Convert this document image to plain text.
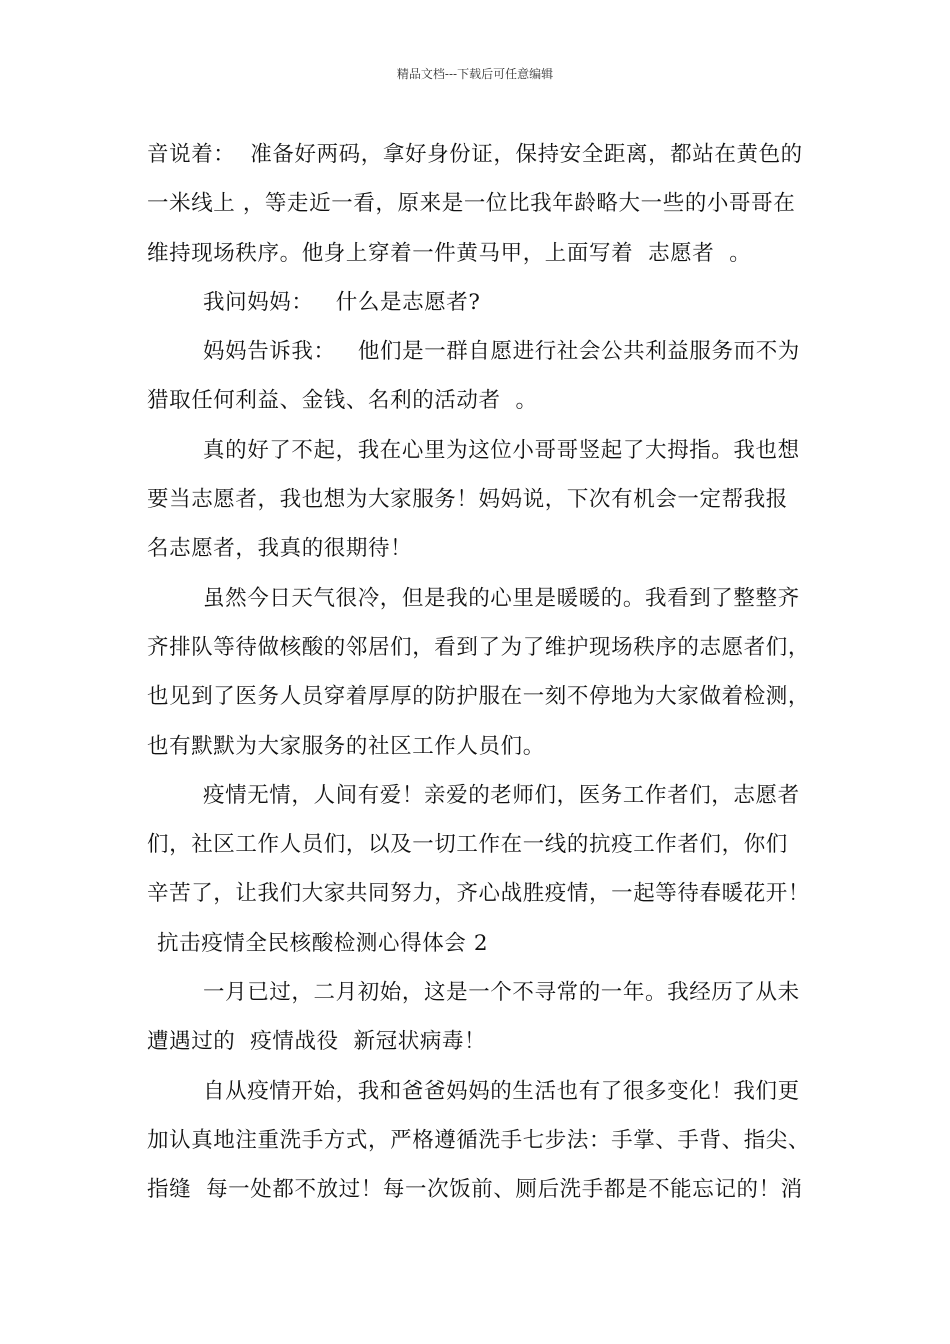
精品文档---下载后可任意编辑
音说着：  准备好两码，拿好身份证，保持安全距离，都站在黄色的
一米线上 ，等走近一看，原来是一位比我年龄略大一些的小哥哥在
维持现场秩序。他身上穿着一件黄马甲，上面写着  志愿者  。
我问妈妈：   什么是志愿者?
妈妈告诉我：   他们是一群自愿进行社会公共利益服务而不为
猎取任何利益、金钱、名利的活动者  。
真的好了不起，我在心里为这位小哥哥竖起了大拇指。我也想
要当志愿者，我也想为大家服务！妈妈说，下次有机会一定帮我报
名志愿者，我真的很期待！
虽然今日天气很冷，但是我的心里是暖暖的。我看到了整整齐
齐排队等待做核酸的邻居们，看到了为了维护现场秩序的志愿者们，
也见到了医务人员穿着厚厚的防护服在一刻不停地为大家做着检测，
也有默默为大家服务的社区工作人员们。
疫情无情，人间有爱！亲爱的老师们，医务工作者们，志愿者
们，社区工作人员们，以及一切工作在一线的抗疫工作者们，你们
辛苦了，让我们大家共同努力，齐心战胜疫情，一起等待春暖花开！
抗击疫情全民核酸检测心得体会 2
一月已过，二月初始，这是一个不寻常的一年。我经历了从未
遭遇过的  疫情战役  新冠状病毒！
自从疫情开始，我和爸爸妈妈的生活也有了很多变化！我们更
加认真地注重洗手方式，严格遵循洗手七步法：手掌、手背、指尖、
指缝  每一处都不放过！每一次饭前、厕后洗手都是不能忘记的！消
